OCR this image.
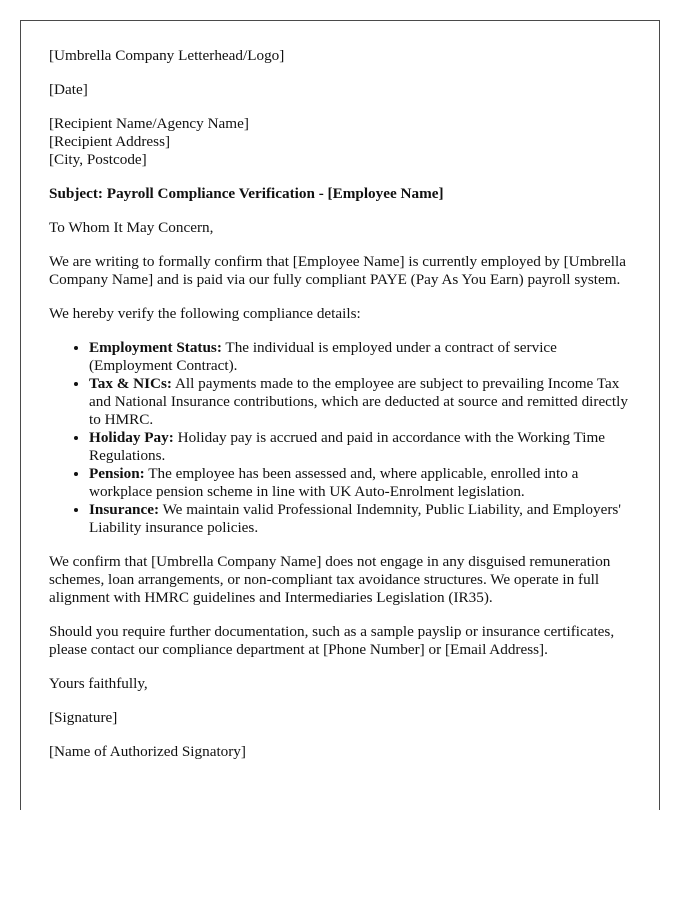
[Umbrella Company Letterhead/Logo]

[Date]

[Recipient Name/Agency Name]
[Recipient Address]
[City, Postcode]

Subject: Payroll Compliance Verification - [Employee Name]

To Whom It May Concern,

We are writing to formally confirm that [Employee Name] is currently employed by [Umbrella Company Name] and is paid via our fully compliant PAYE (Pay As You Earn) payroll system.

We hereby verify the following compliance details:

• Employment Status: The individual is employed under a contract of service (Employment Contract).
• Tax & NICs: All payments made to the employee are subject to prevailing Income Tax and National Insurance contributions, which are deducted at source and remitted directly to HMRC.
• Holiday Pay: Holiday pay is accrued and paid in accordance with the Working Time Regulations.
• Pension: The employee has been assessed and, where applicable, enrolled into a workplace pension scheme in line with UK Auto-Enrolment legislation.
• Insurance: We maintain valid Professional Indemnity, Public Liability, and Employers' Liability insurance policies.

We confirm that [Umbrella Company Name] does not engage in any disguised remuneration schemes, loan arrangements, or non-compliant tax avoidance structures. We operate in full alignment with HMRC guidelines and Intermediaries Legislation (IR35).

Should you require further documentation, such as a sample payslip or insurance certificates, please contact our compliance department at [Phone Number] or [Email Address].

Yours faithfully,

[Signature]

[Name of Authorized Signatory]
